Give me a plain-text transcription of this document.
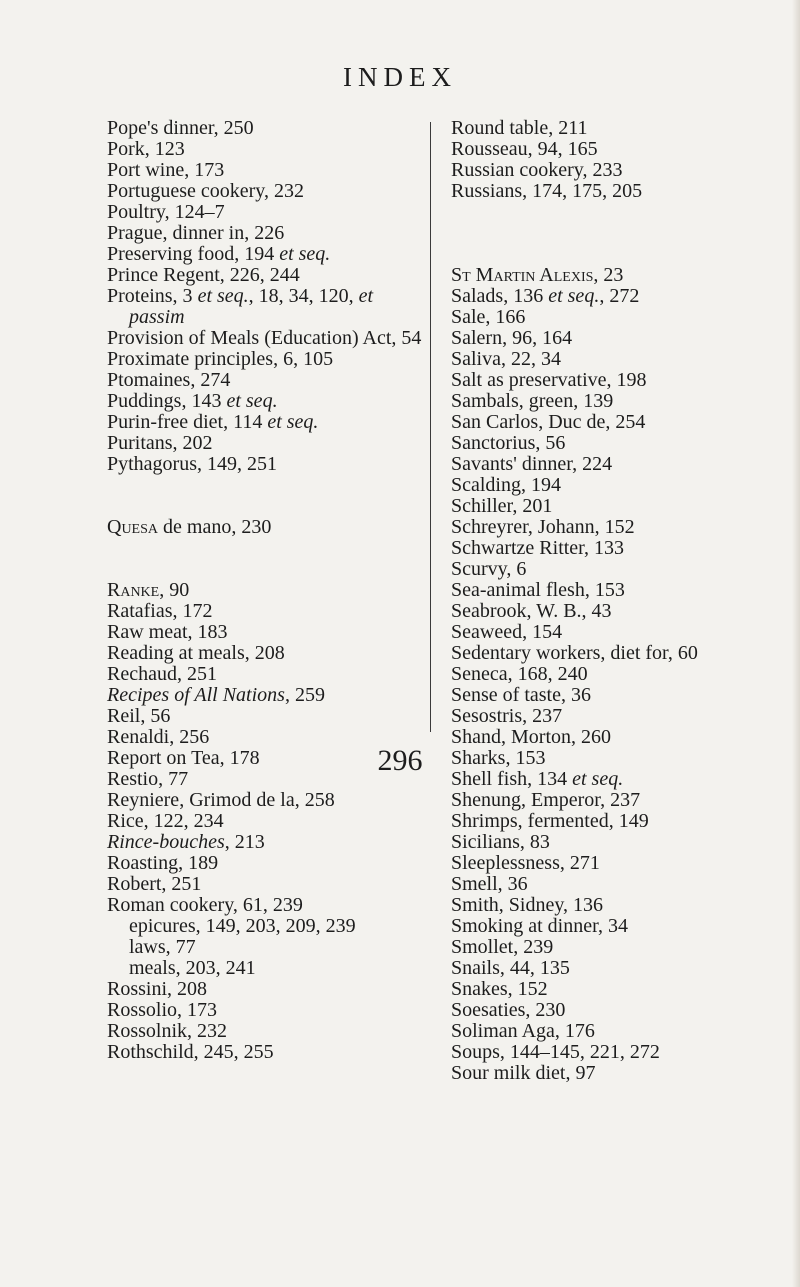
INDEX
Pope's dinner, 250
Pork, 123
Port wine, 173
Portuguese cookery, 232
Poultry, 124–7
Prague, dinner in, 226
Preserving food, 194 et seq.
Prince Regent, 226, 244
Proteins, 3 et seq., 18, 34, 120, et passim
Provision of Meals (Education) Act, 54
Proximate principles, 6, 105
Ptomaines, 274
Puddings, 143 et seq.
Purin-free diet, 114 et seq.
Puritans, 202
Pythagorus, 149, 251
Quesa de mano, 230
Ranke, 90
Ratafias, 172
Raw meat, 183
Reading at meals, 208
Rechaud, 251
Recipes of All Nations, 259
Reil, 56
Renaldi, 256
Report on Tea, 178
Restio, 77
Reyniere, Grimod de la, 258
Rice, 122, 234
Rince-bouches, 213
Roasting, 189
Robert, 251
Roman cookery, 61, 239
epicures, 149, 203, 209, 239
laws, 77
meals, 203, 241
Rossini, 208
Rossolio, 173
Rossolnik, 232
Rothschild, 245, 255
Round table, 211
Rousseau, 94, 165
Russian cookery, 233
Russians, 174, 175, 205
St Martin Alexis, 23
Salads, 136 et seq., 272
Sale, 166
Salern, 96, 164
Saliva, 22, 34
Salt as preservative, 198
Sambals, green, 139
San Carlos, Duc de, 254
Sanctorius, 56
Savants' dinner, 224
Scalding, 194
Schiller, 201
Schreyrer, Johann, 152
Schwartze Ritter, 133
Scurvy, 6
Sea-animal flesh, 153
Seabrook, W. B., 43
Seaweed, 154
Sedentary workers, diet for, 60
Seneca, 168, 240
Sense of taste, 36
Sesostris, 237
Shand, Morton, 260
Sharks, 153
Shell fish, 134 et seq.
Shenung, Emperor, 237
Shrimps, fermented, 149
Sicilians, 83
Sleeplessness, 271
Smell, 36
Smith, Sidney, 136
Smoking at dinner, 34
Smollet, 239
Snails, 44, 135
Snakes, 152
Soesaties, 230
Soliman Aga, 176
Soups, 144–145, 221, 272
Sour milk diet, 97
296
